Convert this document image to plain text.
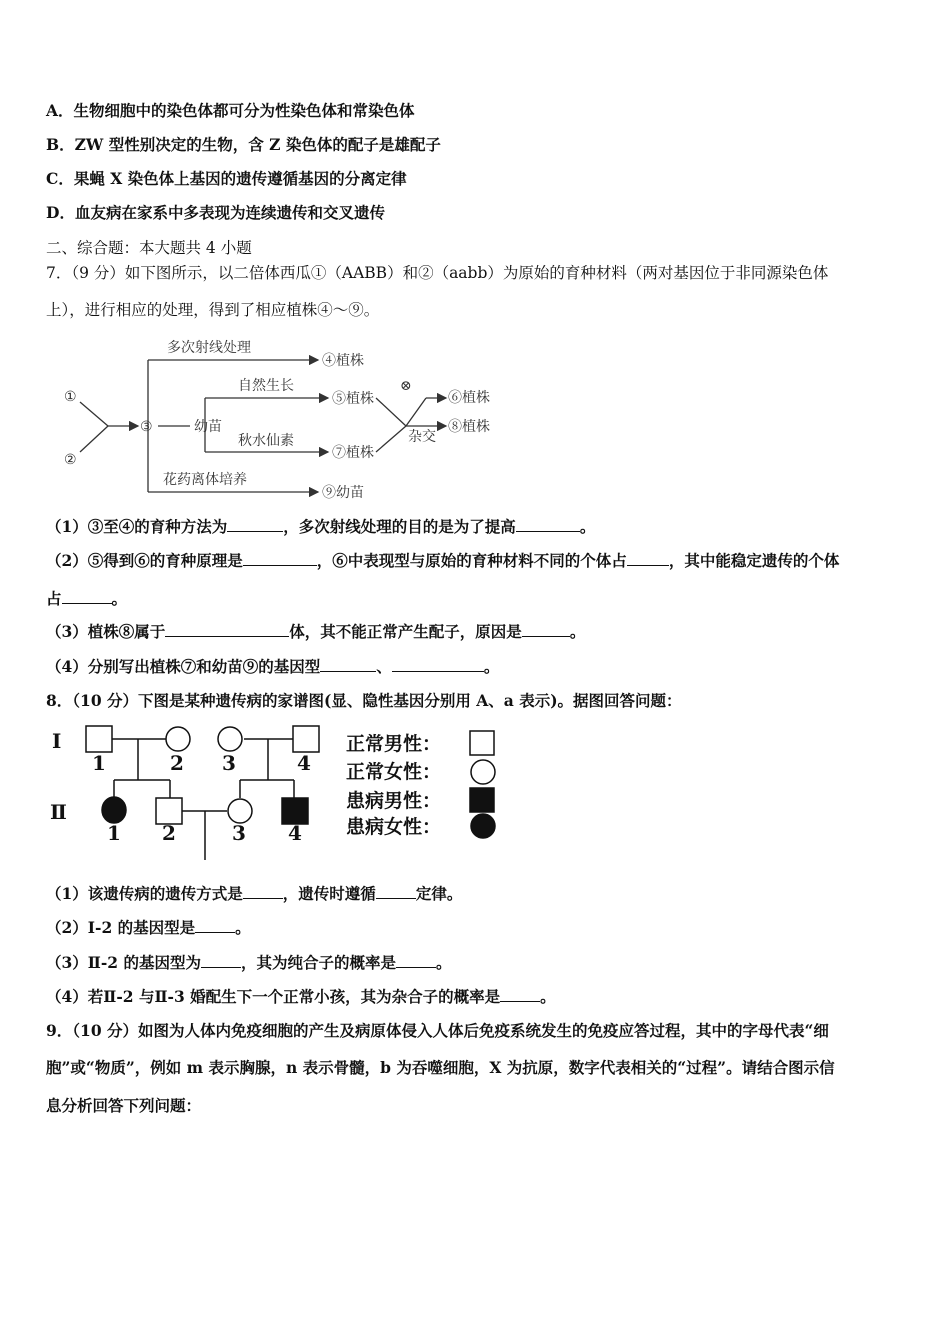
A．生物细胞中的染色体都可分为性染色体和常染色体
B．ZW 型性别决定的生物，含 Z 染色体的配子是雄配子
C．果蝇 X 染色体上基因的遗传遵循基因的分离定律
D．血友病在家系中多表现为连续遗传和交叉遗传
二、综合题：本大题共 4 小题
7．（9 分）如下图所示，以二倍体西瓜①（AABB）和②（aabb）为原始的育种材料（两对基因位于非同源染色体
上），进行相应的处理，得到了相应植株④～⑨。
①
②
③	幼苗
多次射线处理
自然生长
秋水仙素
花药离体培养
④植株
⑤植株
⑦植株
⑥植株
⑧植株
⑨幼苗
⊗
杂交
（1）③至④的育种方法为	，多次射线处理的目的是为了提高	。
（2）⑤得到⑥的育种原理是	，⑥中表现型与原始的育种材料不同的个体占	，其中能稳定遗传的个体
占	。
（3）植株⑧属于	体，其不能正常产生配子，原因是	。
（4）分别写出植株⑦和幼苗⑨的基因型	、	。
8．（10 分）下图是某种遗传病的家谱图(显、隐性基因分别用 A、a 表示)。据图回答问题：
Ⅰ
Ⅱ
1	2 3	4
1 2	3 4
正常男性：
正常女性：
患病男性：
患病女性：
（1）该遗传病的遗传方式是	，遗传时遵循	定律。
（2）Ⅰ-2 的基因型是	。
（3）Ⅱ-2 的基因型为	，其为纯合子的概率是	。
（4）若Ⅱ-2 与Ⅱ-3 婚配生下一个正常小孩，其为杂合子的概率是	。
9．（10 分）如图为人体内免疫细胞的产生及病原体侵入人体后免疫系统发生的免疫应答过程，其中的字母代表“细
胞”或“物质”，例如 m 表示胸腺，n 表示骨髓，b 为吞噬细胞，X 为抗原，数字代表相关的“过程”。请结合图示信
息分析回答下列问题：
